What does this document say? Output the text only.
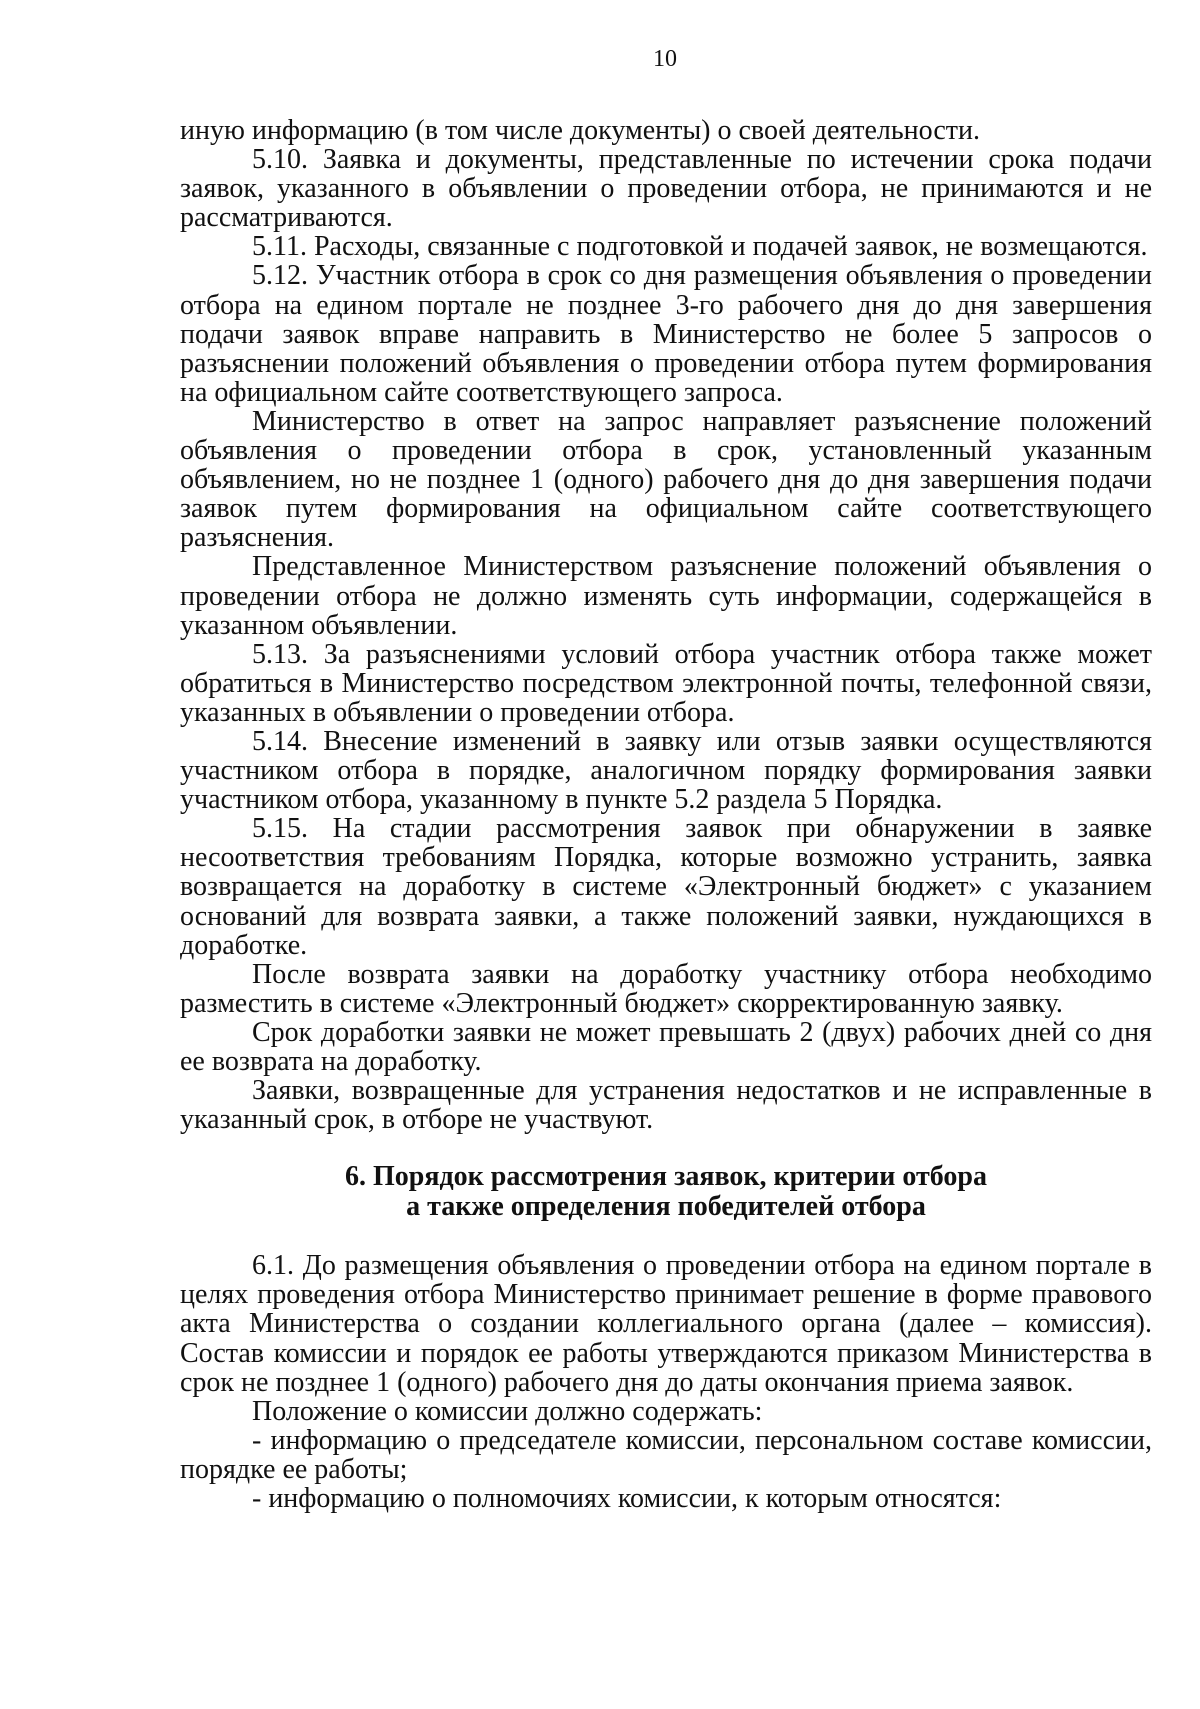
10

иную информацию (в том числе документы) о своей деятельности.

5.10. Заявка и документы, представленные по истечении срока подачи заявок, указанного в объявлении о проведении отбора, не принимаются и не рассматриваются.

5.11. Расходы, связанные с подготовкой и подачей заявок, не возмещаются.

5.12. Участник отбора в срок со дня размещения объявления о проведении отбора на едином портале не позднее 3-го рабочего дня до дня завершения подачи заявок вправе направить в Министерство не более 5 запросов о разъяснении положений объявления о проведении отбора путем формирования на официальном сайте соответствующего запроса.

Министерство в ответ на запрос направляет разъяснение положений объявления о проведении отбора в срок, установленный указанным объявлением, но не позднее 1 (одного) рабочего дня до дня завершения подачи заявок путем формирования на официальном сайте соответствующего разъяснения.

Представленное Министерством разъяснение положений объявления о проведении отбора не должно изменять суть информации, содержащейся в указанном объявлении.

5.13. За разъяснениями условий отбора участник отбора также может обратиться в Министерство посредством электронной почты, телефонной связи, указанных в объявлении о проведении отбора.

5.14. Внесение изменений в заявку или отзыв заявки осуществляются участником отбора в порядке, аналогичном порядку формирования заявки участником отбора, указанному в пункте 5.2 раздела 5 Порядка.

5.15. На стадии рассмотрения заявок при обнаружении в заявке несоответствия требованиям Порядка, которые возможно устранить, заявка возвращается на доработку в системе «Электронный бюджет» с указанием оснований для возврата заявки, а также положений заявки, нуждающихся в доработке.

После возврата заявки на доработку участнику отбора необходимо разместить в системе «Электронный бюджет» скорректированную заявку.

Срок доработки заявки не может превышать 2 (двух) рабочих дней со дня ее возврата на доработку.

Заявки, возвращенные для устранения недостатков и не исправленные в указанный срок, в отборе не участвуют.

6. Порядок рассмотрения заявок, критерии отбора
а также определения победителей отбора

6.1. До размещения объявления о проведении отбора на едином портале в целях проведения отбора Министерство принимает решение в форме правового акта Министерства о создании коллегиального органа (далее – комиссия). Состав комиссии и порядок ее работы утверждаются приказом Министерства в срок не позднее 1 (одного) рабочего дня до даты окончания приема заявок.

Положение о комиссии должно содержать:

- информацию о председателе комиссии, персональном составе комиссии, порядке ее работы;

- информацию о полномочиях комиссии, к которым относятся:
